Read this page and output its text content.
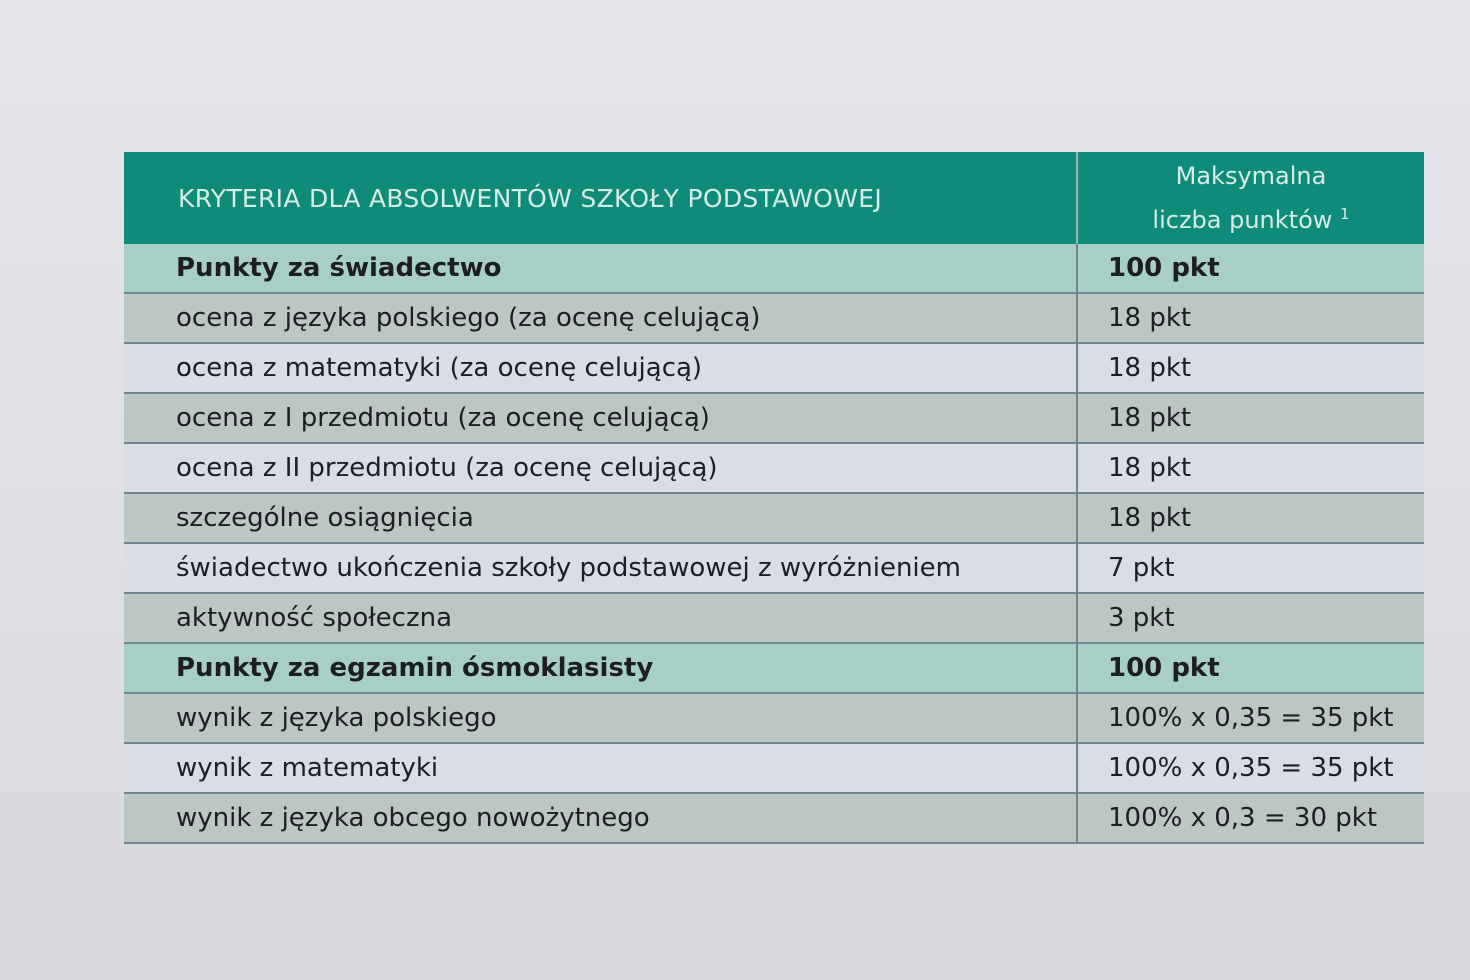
KRYTERIA DLA ABSOLWENTÓW SZKOŁY PODSTAWOWEJ	Maksymalna
liczba punktów $^1$

Punkty za świadectwo	100 pkt
ocena z języka polskiego (za ocenę celującą)	18 pkt
ocena z matematyki (za ocenę celującą)	18 pkt
ocena z I przedmiotu (za ocenę celującą)	18 pkt
ocena z II przedmiotu (za ocenę celującą)	18 pkt
szczególne osiągnięcia	18 pkt
świadectwo ukończenia szkoły podstawowej z wyróżnieniem	7 pkt
aktywność społeczna	3 pkt
Punkty za egzamin ósmoklasisty	100 pkt
wynik z języka polskiego	100% x 0,35 = 35 pkt
wynik z matematyki	100% x 0,35 = 35 pkt
wynik z języka obcego nowożytnego	100% x 0,3 = 30 pkt
